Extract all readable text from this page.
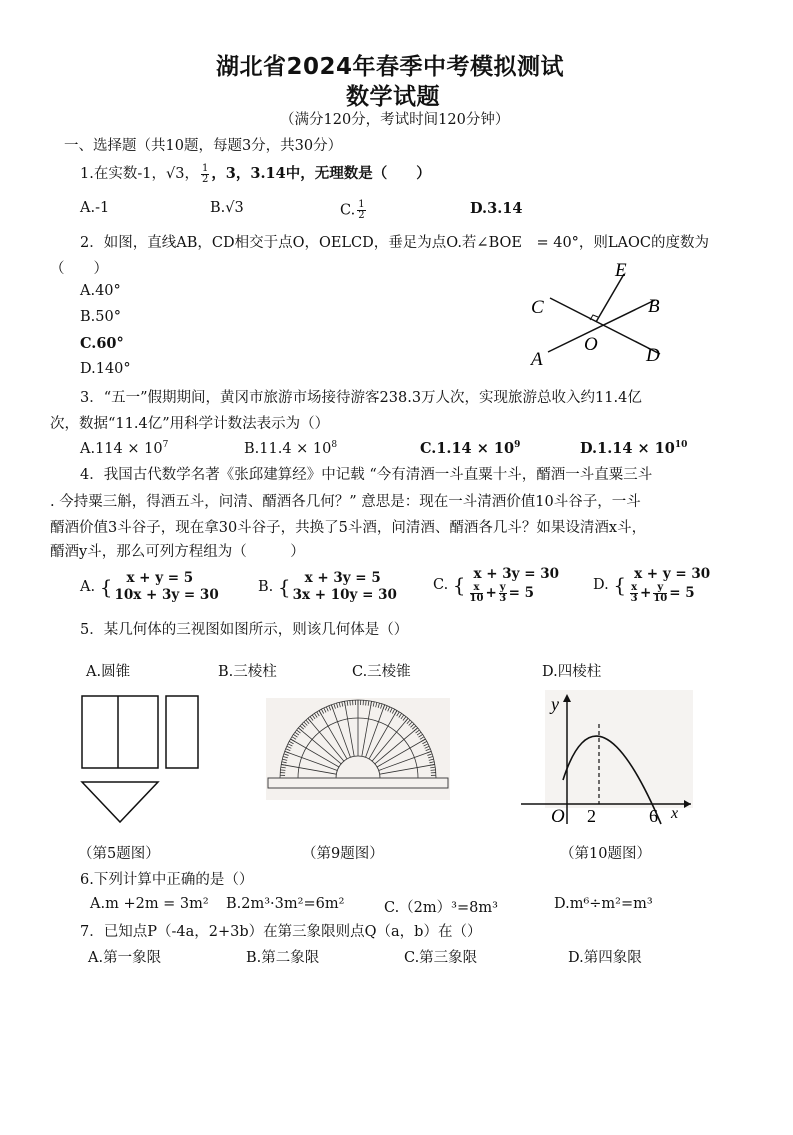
湖北省2024年春季中考模拟测试
数学试题
（满分120分，考试时间120分钟）
一、选择题（共10题，每题3分，共30分）
1.在实数-1，√3， $\frac{1}{2}$ ，3，3.14中，无理数是（　　）
A.-1	B.√3	C. $\frac{1}{2}$	D.3.14
2．如图，直线AB，CD相交于点O，OELCD，垂足为点O.若∠BOE　= 40°，则LAOC的度数为
（　　）
A.40°
B.50°
C.60°
D.140°
E
C	B
O
A	D
3．“五一”假期期间，黄冈市旅游市场接待游客238.3万人次，实现旅游总收入约11.4亿
次，数据“11.4亿”用科学计数法表示为（）
$A.114 \times 10^7$	$B.11.4 \times 10^8$	$C.1.14 \times 10^9$	$D.1.14 \times 10^{10}$
4．我国古代数学名著《张邱建算经》中记载 “今有清酒一斗直粟十斗，醑酒一斗直粟三斗
. 今持粟三斛，得酒五斗，问清、醑酒各几何？” 意思是：现在一斗清酒价值10斗谷子，一斗
醑酒价值3斗谷子，现在拿30斗谷子，共换了5斗酒，问清酒、醑酒各几斗？如果设清酒x斗，
醑酒y斗，那么可列方程组为（　　　）
A. {	x + y = 5
10x + 3y = 30	B. {	x + 3y = 5
3x + 10y = 30
C. { x + 3y = 30
$\frac{x}{10} + \frac{y}{3} = 5$	D. { x + y = 30
$\frac{x}{3} + \frac{y}{10} = 5$
5．某几何体的三视图如图所示，则该几何体是（）
A.圆锥	B.三棱柱	C.三棱锥	D.四棱柱
y
x
O 2	6
（第5题图）	（第9题图）	（第10题图）
6.下列计算中正确的是（）
A.m +2m = 3m² B.2m³·3m²=6m²	C.（2m）³=8m³	D.m⁶÷m²=m³
7．已知点P（-4a，2+3b）在第三象限则点Q（a，b）在（）
A.第一象限	B.第二象限	C.第三象限	D.第四象限
